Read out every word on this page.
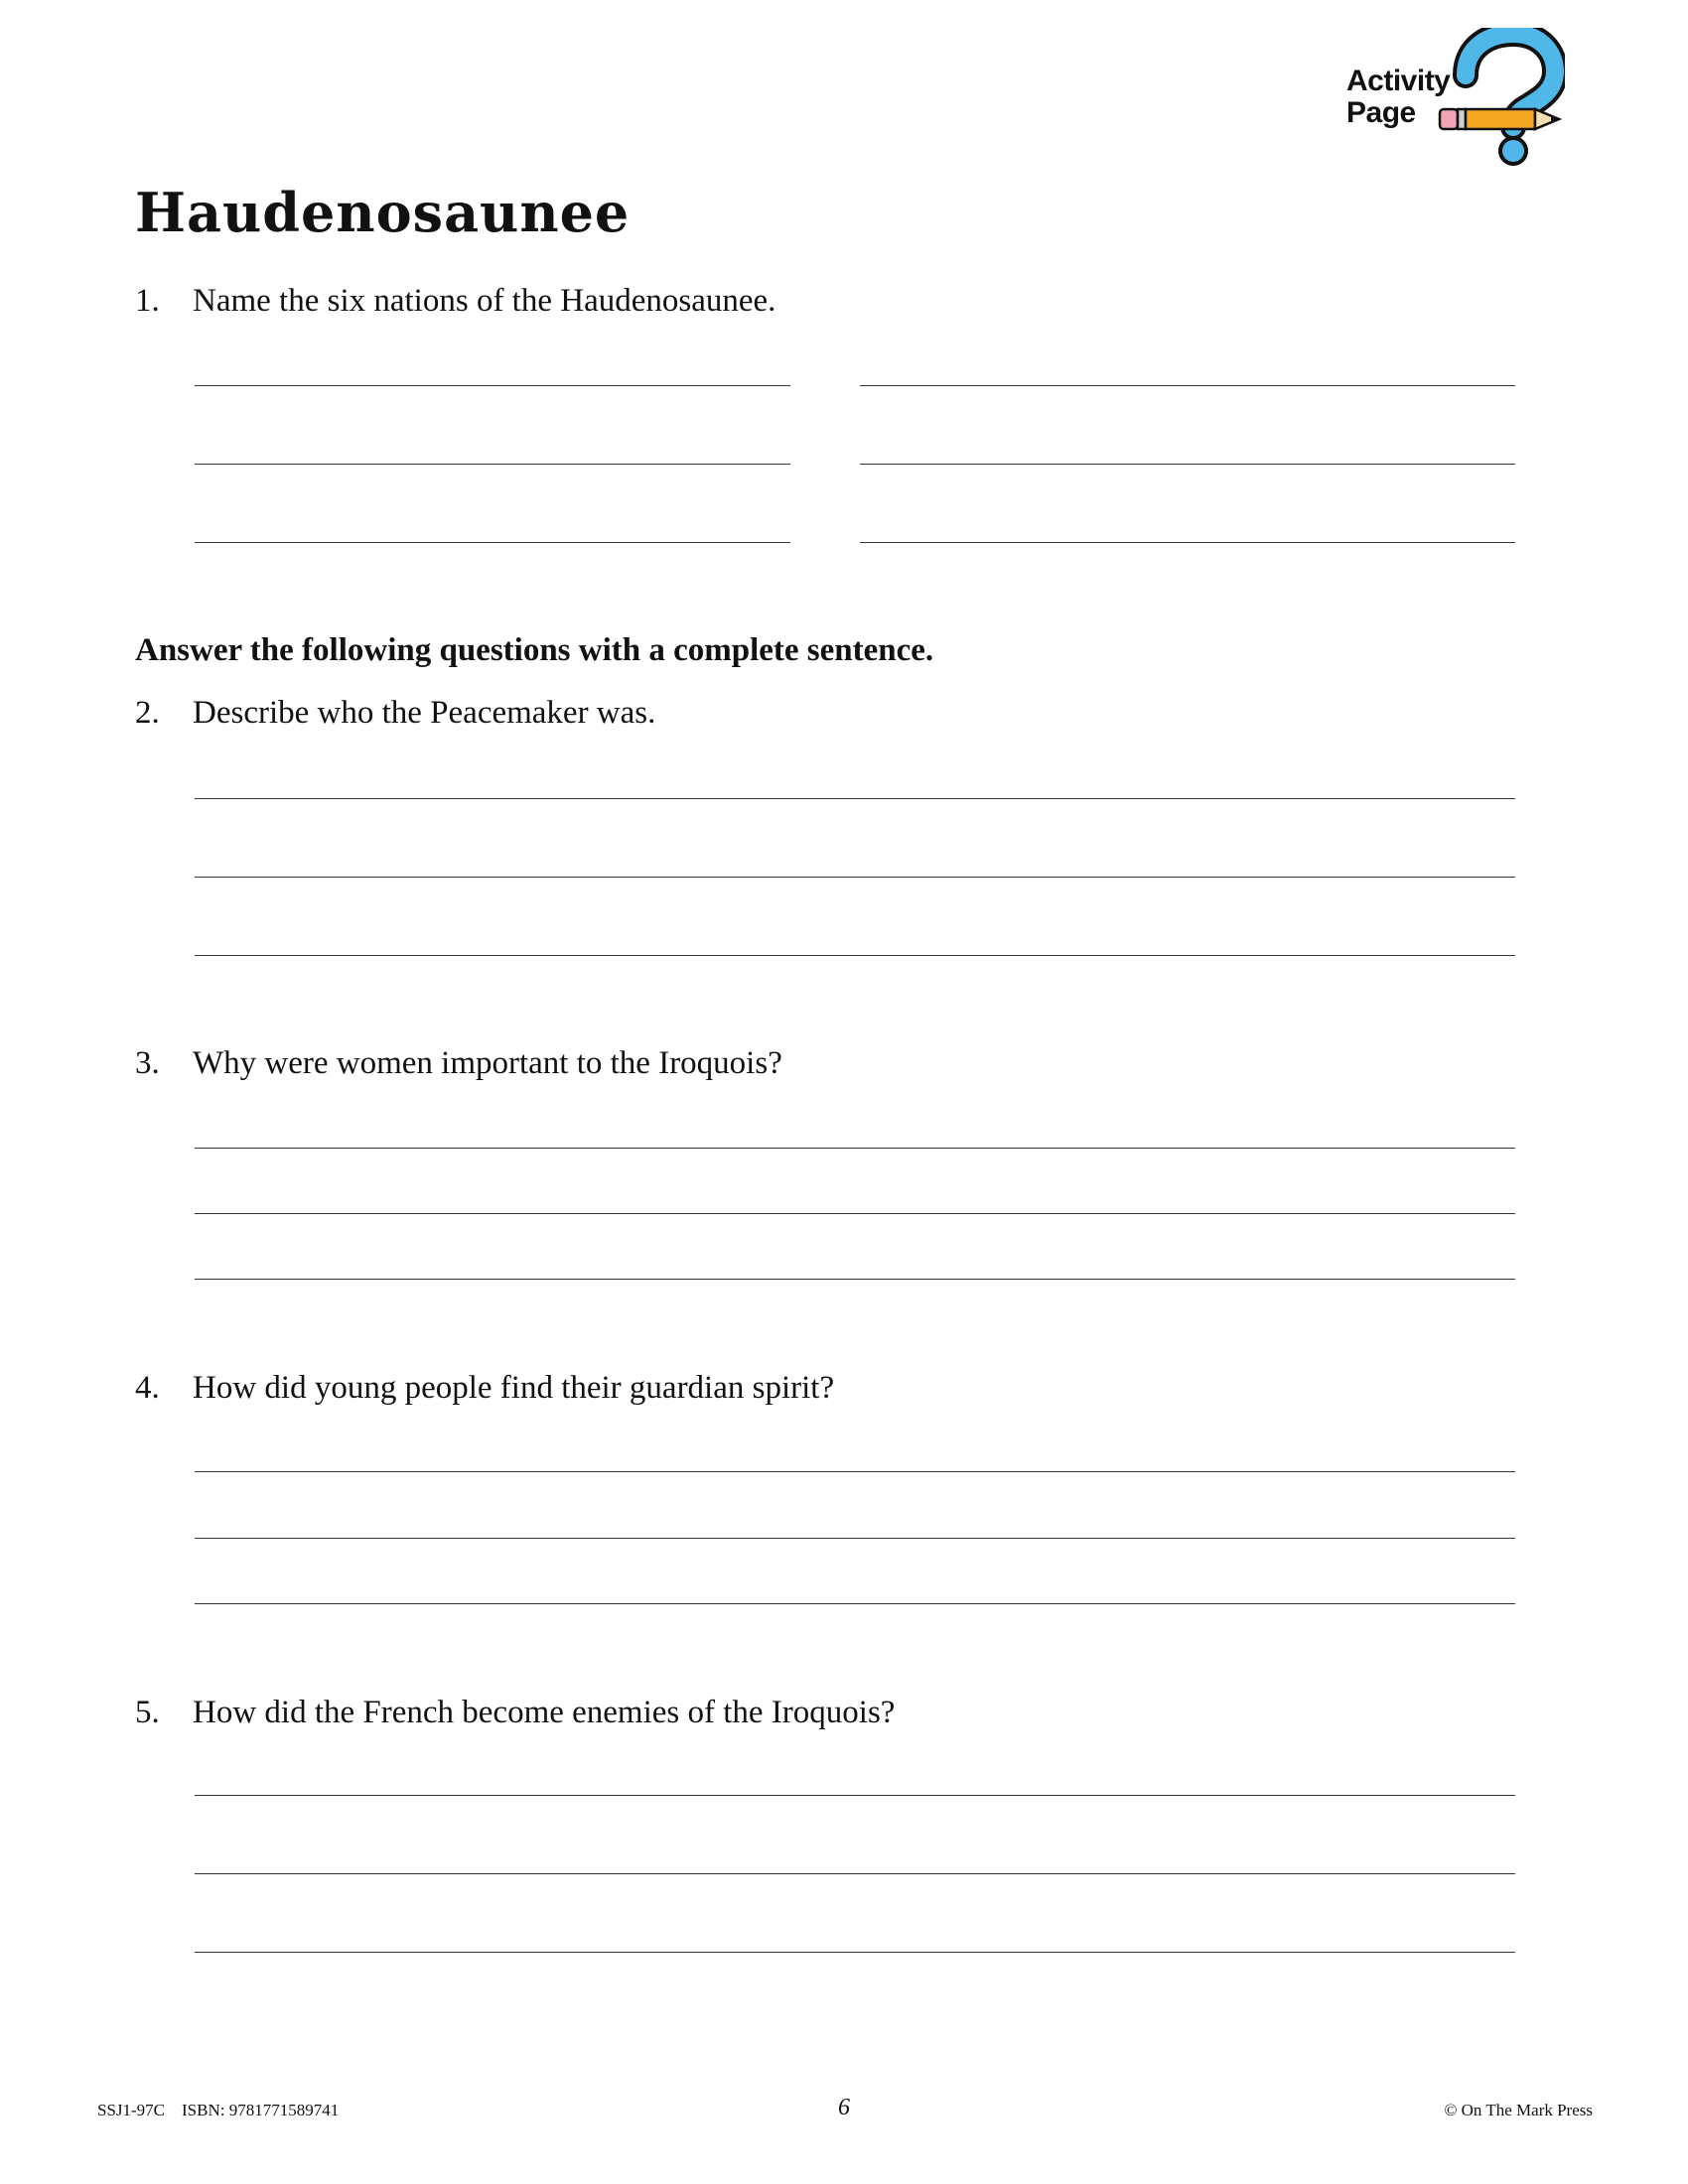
Activity
Page
Haudenosaunee
1. Name the six nations of the Haudenosaunee.
Answer the following questions with a complete sentence.
2. Describe who the Peacemaker was.
3. Why were women important to the Iroquois?
4. How did young people find their guardian spirit?
5. How did the French become enemies of the Iroquois?
SSJ1-97C    ISBN: 9781771589741	6	© On The Mark Press
